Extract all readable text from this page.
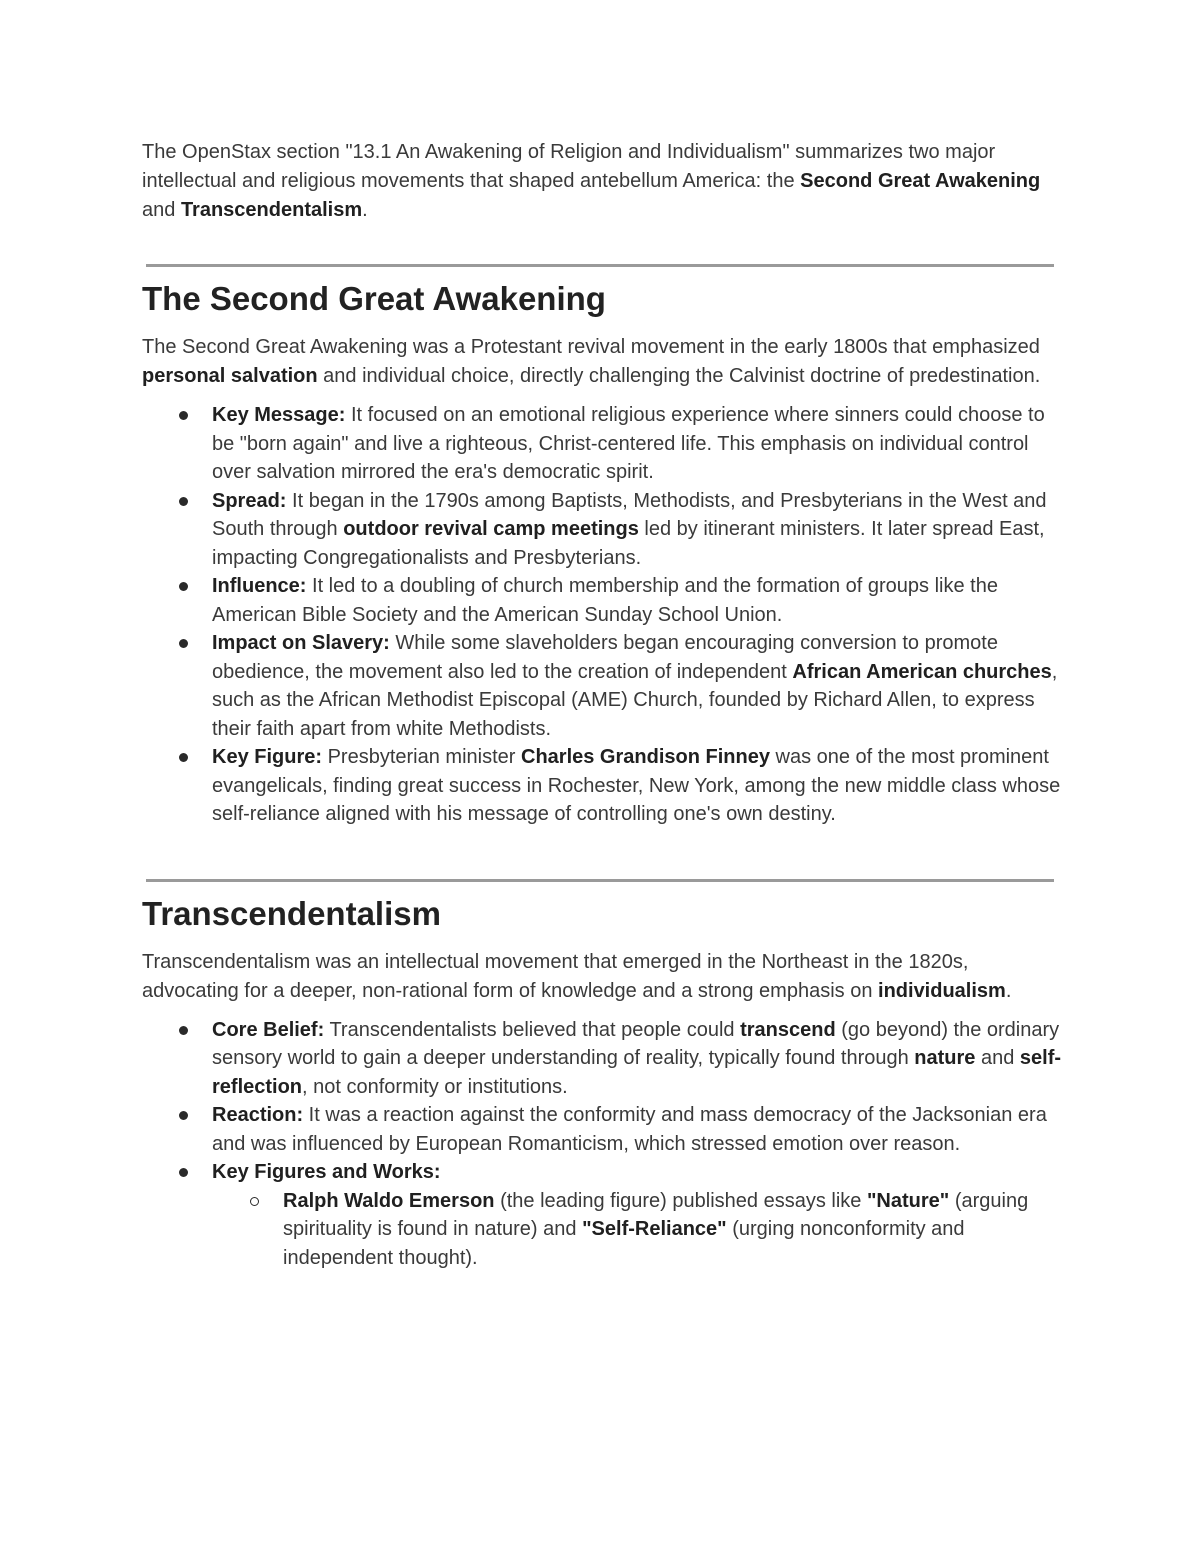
The OpenStax section "13.1 An Awakening of Religion and Individualism" summarizes two major intellectual and religious movements that shaped antebellum America: the Second Great Awakening and Transcendentalism.

The Second Great Awakening

The Second Great Awakening was a Protestant revival movement in the early 1800s that emphasized personal salvation and individual choice, directly challenging the Calvinist doctrine of predestination.

Key Message: It focused on an emotional religious experience where sinners could choose to be "born again" and live a righteous, Christ-centered life. This emphasis on individual control over salvation mirrored the era's democratic spirit.
Spread: It began in the 1790s among Baptists, Methodists, and Presbyterians in the West and South through outdoor revival camp meetings led by itinerant ministers. It later spread East, impacting Congregationalists and Presbyterians.
Influence: It led to a doubling of church membership and the formation of groups like the American Bible Society and the American Sunday School Union.
Impact on Slavery: While some slaveholders began encouraging conversion to promote obedience, the movement also led to the creation of independent African American churches, such as the African Methodist Episcopal (AME) Church, founded by Richard Allen, to express their faith apart from white Methodists.
Key Figure: Presbyterian minister Charles Grandison Finney was one of the most prominent evangelicals, finding great success in Rochester, New York, among the new middle class whose self-reliance aligned with his message of controlling one's own destiny.
Transcendentalism

Transcendentalism was an intellectual movement that emerged in the Northeast in the 1820s, advocating for a deeper, non-rational form of knowledge and a strong emphasis on individualism.

Core Belief: Transcendentalists believed that people could transcend (go beyond) the ordinary sensory world to gain a deeper understanding of reality, typically found through nature and self-reflection, not conformity or institutions.
Reaction: It was a reaction against the conformity and mass democracy of the Jacksonian era and was influenced by European Romanticism, which stressed emotion over reason.
Key Figures and Works:
Ralph Waldo Emerson (the leading figure) published essays like "Nature" (arguing spirituality is found in nature) and "Self-Reliance" (urging nonconformity and independent thought).
